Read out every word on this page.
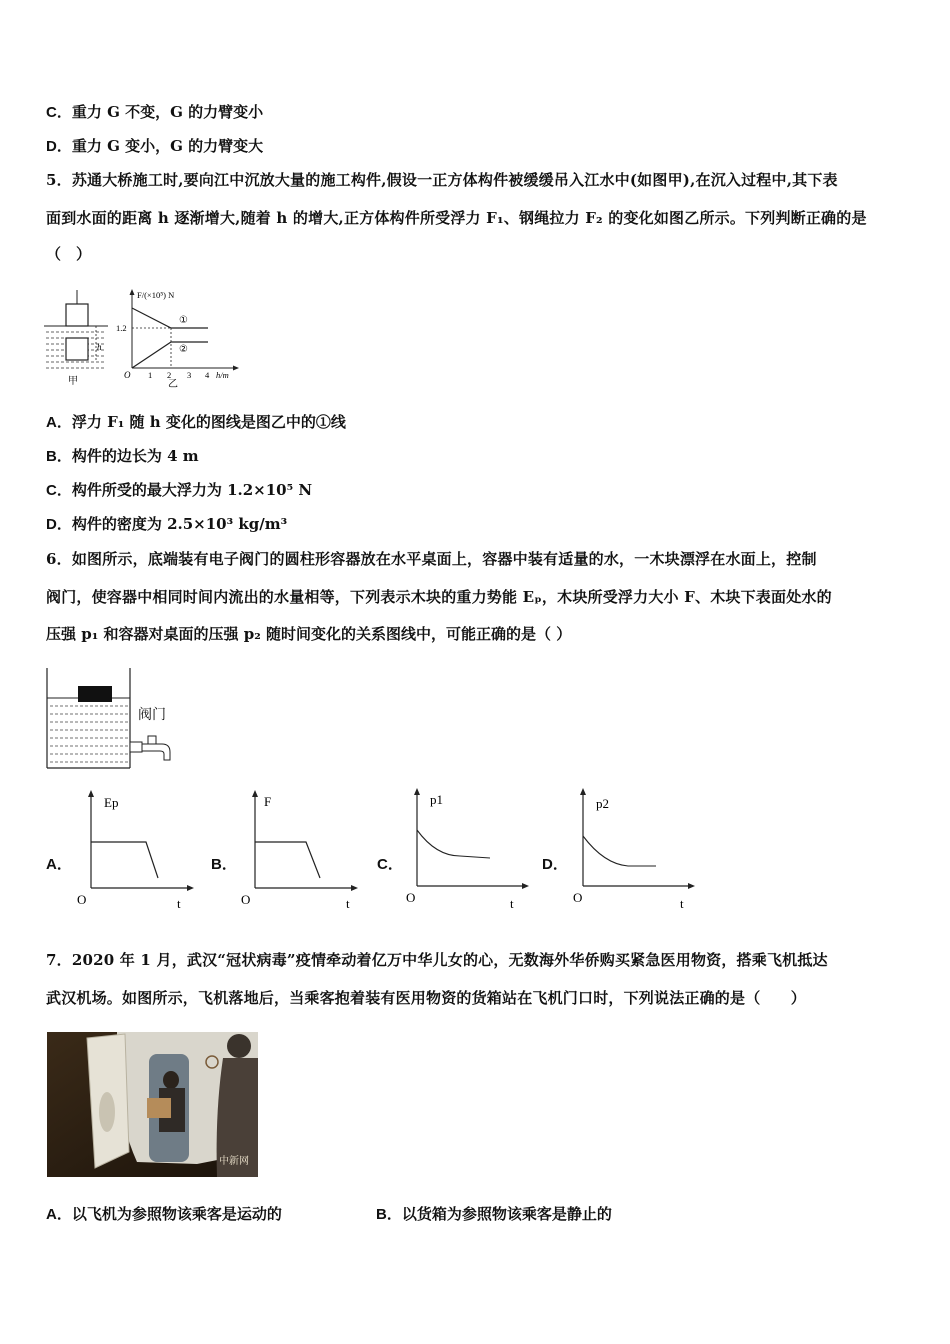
C．重力 G 不变，G 的力臂变小
D．重力 G 变小，G 的力臂变大
5．苏通大桥施工时,要向江中沉放大量的施工构件,假设一正方体构件被缓缓吊入江水中(如图甲),在沉入过程中,其下表
面到水面的距离 h 逐渐增大,随着 h 的增大,正方体构件所受浮力 F₁、钢绳拉力 F₂ 的变化如图乙所示。下列判断正确的是
（　）
h
甲
F/(×10⁵) N
1.2
O 1 2 3 4 h/m
①
②
乙
A．浮力 F₁ 随 h 变化的图线是图乙中的①线
B．构件的边长为 4 m
C．构件所受的最大浮力为 1.2×10⁵ N
D．构件的密度为 2.5×10³ kg/m³
6．如图所示，底端装有电子阀门的圆柱形容器放在水平桌面上，容器中装有适量的水，一木块漂浮在水面上，控制
阀门，使容器中相同时间内流出的水量相等，下列表示木块的重力势能 Eₚ，木块所受浮力大小 F、木块下表面处水的
压强 p₁ 和容器对桌面的压强 p₂ 随时间变化的关系图线中，可能正确的是（ ）
阀门
A．
Ep
O	t
B．
F
O	t
C．
p1
O	t
D．
p2
O	t
7．2020 年 1 月，武汉“冠状病毒”疫情牵动着亿万中华儿女的心，无数海外华侨购买紧急医用物资，搭乘飞机抵达
武汉机场。如图所示，飞机落地后，当乘客抱着装有医用物资的货箱站在飞机门口时，下列说法正确的是（　　）
中新网
A．以飞机为参照物该乘客是运动的	B．以货箱为参照物该乘客是静止的
